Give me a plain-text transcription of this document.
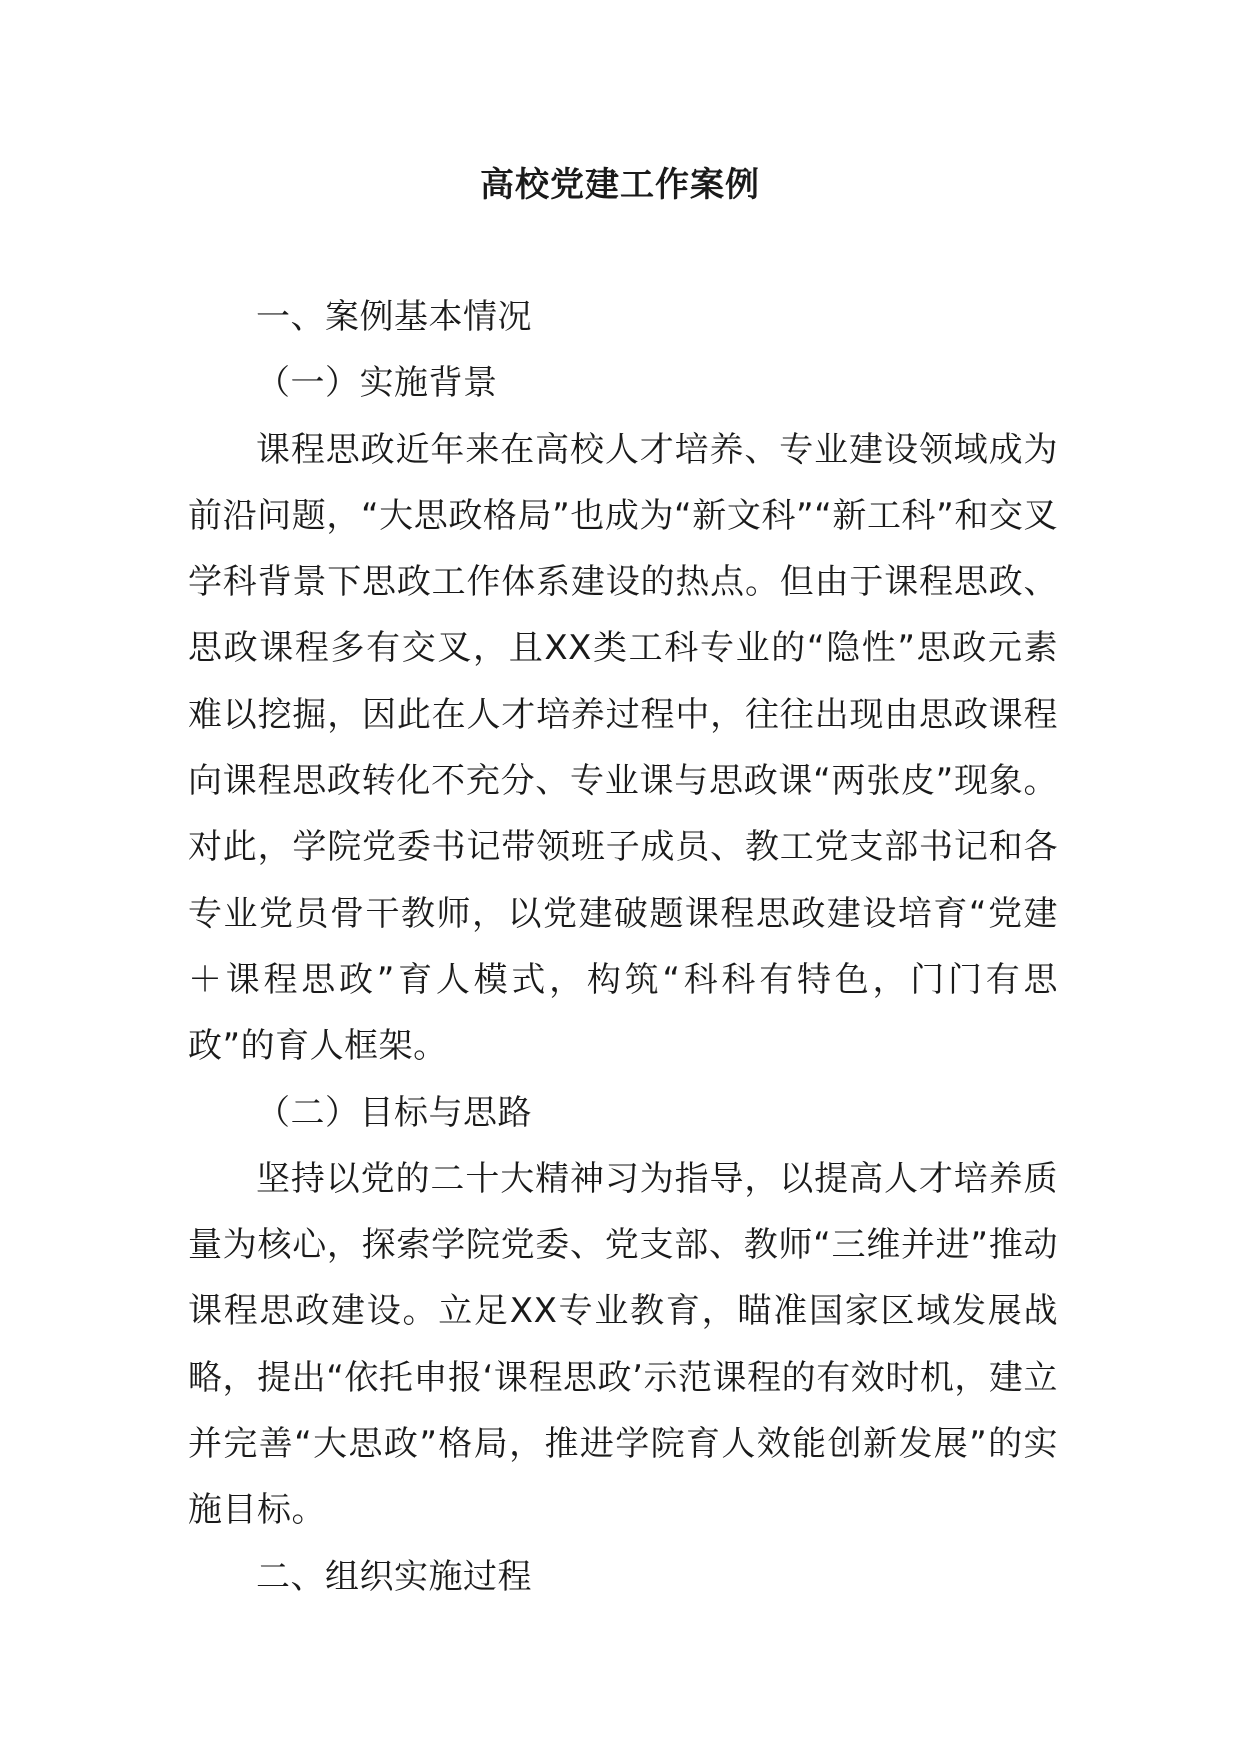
高校党建工作案例

一、案例基本情况

（一）实施背景

课程思政近年来在高校人才培养、专业建设领域成为前沿问题，“大思政格局”也成为“新文科”“新工科”和交叉学科背景下思政工作体系建设的热点。但由于课程思政、思政课程多有交叉，且XX类工科专业的“隐性”思政元素难以挖掘，因此在人才培养过程中，往往出现由思政课程向课程思政转化不充分、专业课与思政课“两张皮”现象。对此，学院党委书记带领班子成员、教工党支部书记和各专业党员骨干教师，以党建破题课程思政建设培育“党建＋课程思政”育人模式，构筑“科科有特色，门门有思政”的育人框架。

（二）目标与思路

坚持以党的二十大精神习为指导，以提高人才培养质量为核心，探索学院党委、党支部、教师“三维并进”推动课程思政建设。立足XX专业教育，瞄准国家区域发展战略，提出“依托申报‘课程思政’示范课程的有效时机，建立并完善“大思政”格局，推进学院育人效能创新发展”的实施目标。

二、组织实施过程
